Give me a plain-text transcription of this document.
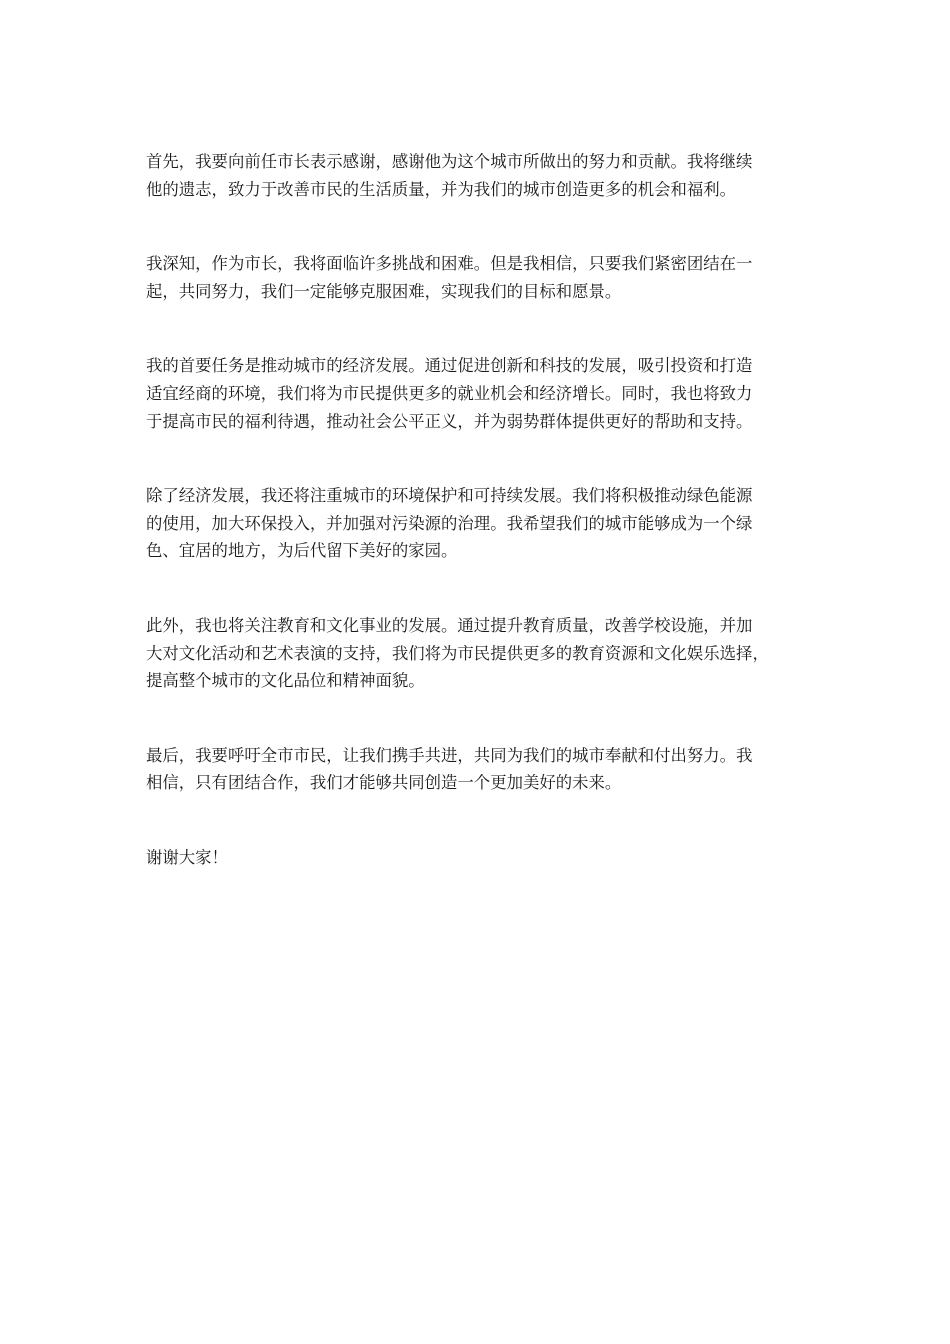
首先，我要向前任市长表示感谢，感谢他为这个城市所做出的努力和贡献。我将继续
他的遗志，致力于改善市民的生活质量，并为我们的城市创造更多的机会和福利。

我深知，作为市长，我将面临许多挑战和困难。但是我相信，只要我们紧密团结在一
起，共同努力，我们一定能够克服困难，实现我们的目标和愿景。

我的首要任务是推动城市的经济发展。通过促进创新和科技的发展，吸引投资和打造
适宜经商的环境，我们将为市民提供更多的就业机会和经济增长。同时，我也将致力
于提高市民的福利待遇，推动社会公平正义，并为弱势群体提供更好的帮助和支持。

除了经济发展，我还将注重城市的环境保护和可持续发展。我们将积极推动绿色能源
的使用，加大环保投入，并加强对污染源的治理。我希望我们的城市能够成为一个绿
色、宜居的地方，为后代留下美好的家园。

此外，我也将关注教育和文化事业的发展。通过提升教育质量，改善学校设施，并加
大对文化活动和艺术表演的支持，我们将为市民提供更多的教育资源和文化娱乐选择，
提高整个城市的文化品位和精神面貌。

最后，我要呼吁全市市民，让我们携手共进，共同为我们的城市奉献和付出努力。我
相信，只有团结合作，我们才能够共同创造一个更加美好的未来。

谢谢大家！
